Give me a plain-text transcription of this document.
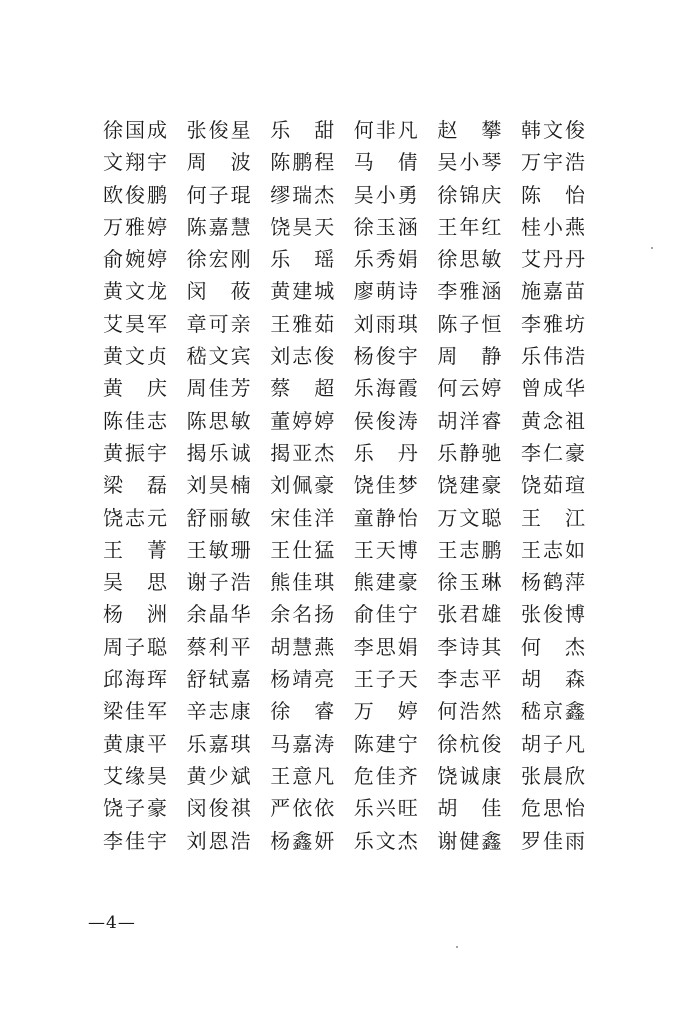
徐 国 成 张 俊 星 乐 甜 何 非 凡 赵 攀 韩 文 俊
文 翔 宇 周 波 陈 鹏 程 马 倩 吴 小 琴 万 宇 浩
欧 俊 鹏 何 子 琨 缪 瑞 杰 吴 小 勇 徐 锦 庆 陈 怡
万 雅 婷 陈 嘉 慧 饶 昊 天 徐 玉 涵 王 年 红 桂 小 燕
俞 婉 婷 徐 宏 刚 乐 瑶 乐 秀 娟 徐 思 敏 艾 丹 丹
黄 文 龙 闵 莜 黄 建 城 廖 萌 诗 李 雅 涵 施 嘉 苗
艾 昊 军 章 可 亲 王 雅 茹 刘 雨 琪 陈 子 恒 李 雅 坊
黄 文 贞 嵇 文 宾 刘 志 俊 杨 俊 宇 周 静 乐 伟 浩
黄 庆 周 佳 芳 蔡 超 乐 海 霞 何 云 婷 曾 成 华
陈 佳 志 陈 思 敏 董 婷 婷 侯 俊 涛 胡 洋 睿 黄 念 祖
黄 振 宇 揭 乐 诚 揭 亚 杰 乐 丹 乐 静 驰 李 仁 豪
梁 磊 刘 昊 楠 刘 佩 豪 饶 佳 梦 饶 建 豪 饶 茹 瑄
饶 志 元 舒 丽 敏 宋 佳 洋 童 静 怡 万 文 聪 王 江
王 菁 王 敏 珊 王 仕 猛 王 天 博 王 志 鹏 王 志 如
吴 思 谢 子 浩 熊 佳 琪 熊 建 豪 徐 玉 琳 杨 鹤 萍
杨 洲 余 晶 华 余 名 扬 俞 佳 宁 张 君 雄 张 俊 博
周 子 聪 蔡 利 平 胡 慧 燕 李 思 娟 李 诗 其 何 杰
邱 海 珲 舒 轼 嘉 杨 靖 亮 王 子 天 李 志 平 胡 森
梁 佳 军 辛 志 康 徐 睿 万 婷 何 浩 然 嵇 京 鑫
黄 康 平 乐 嘉 琪 马 嘉 涛 陈 建 宁 徐 杭 俊 胡 子 凡
艾 缘 昊 黄 少 斌 王 意 凡 危 佳 齐 饶 诚 康 张 晨 欣
饶 子 豪 闵 俊 祺 严 依 依 乐 兴 旺 胡 佳 危 思 怡
李 佳 宇 刘 恩 浩 杨 鑫 妍 乐 文 杰 谢 健 鑫 罗 佳 雨
—4—
